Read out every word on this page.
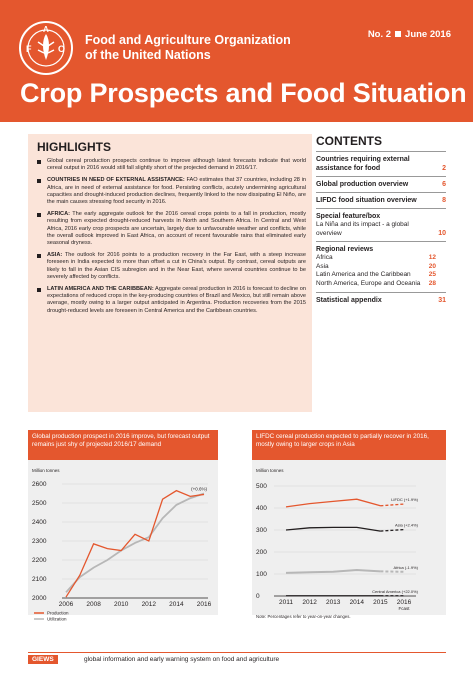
F	O
A
Food and Agriculture Organization
of the United Nations
No. 2 June 2016
Crop Prospects and Food Situation
HIGHLIGHTS
Global cereal production prospects continue to improve although latest forecasts indicate that world cereal output in 2016 would still fall slightly short of the projected demand in 2016/17.
COUNTRIES IN NEED OF EXTERNAL ASSISTANCE: FAO estimates that 37 countries, including 28 in Africa, are in need of external assistance for food. Persisting conflicts, acutely undermining agricultural capacities and drought-induced production declines, frequently linked to the now dissipating El Niño, are the main causes stressing food security in 2016.
AFRICA: The early aggregate outlook for the 2016 cereal crops points to a fall in production, mostly resulting from expected drought-reduced harvests in North and Southern Africa. In Central and West Africa, 2016 early crop prospects are uncertain, largely due to unfavourable weather and conflicts, while the overall outlook improved in East Africa, on account of recent favourable rains that eliminated early seasonal dryness.
ASIA: The outlook for 2016 points to a production recovery in the Far East, with a steep increase foreseen in India expected to more than offset a cut in China's output. By contrast, cereal outputs are likely to fall in the Asian CIS subregion and in the Near East, where several countries continue to be severely affected by conflicts.
LATIN AMERICA AND THE CARIBBEAN: Aggregate cereal production in 2016 is forecast to decline on expectations of reduced crops in the key-producing countries of Brazil and Mexico, but still remain above average, mostly owing to a larger output anticipated in Argentina. Production recoveries from the 2015 drought-reduced levels are foreseen in Central America and the Caribbean countries.
CONTENTS
Countries requiring external assistance for food	2
Global production overview	6
LIFDC food situation overview	8
Special feature/box
La Niña and its impact - a global overview	10
Regional reviews
Africa	12
Asia	20
Latin America and the Caribbean	25
North America, Europe and Oceania 28
Statistical appendix	31
Global production prospect in 2016 improve, but forecast output remains just shy of projected 2016/17 demand
Million tonnes
2000
2100
2200
2300
2400
2500
2600
2006 2008 2010 2012 2014 2016
(+0.6%)
Production
Utilization
LIFDC cereal production expected to partially recover in 2016, mostly owing to larger crops in Asia
Million tonnes
0
100
200
300
400
500
2011 2012 2013 2014 2015 2016
Fcast
LIFDC (+1.9%)
Asia (+2.4%)
Africa (-1.9%)
Central America (+22.0%)
Note: Percentages refer to year-on-year changes.
GIEWS	global information and early warning system on food and agriculture
